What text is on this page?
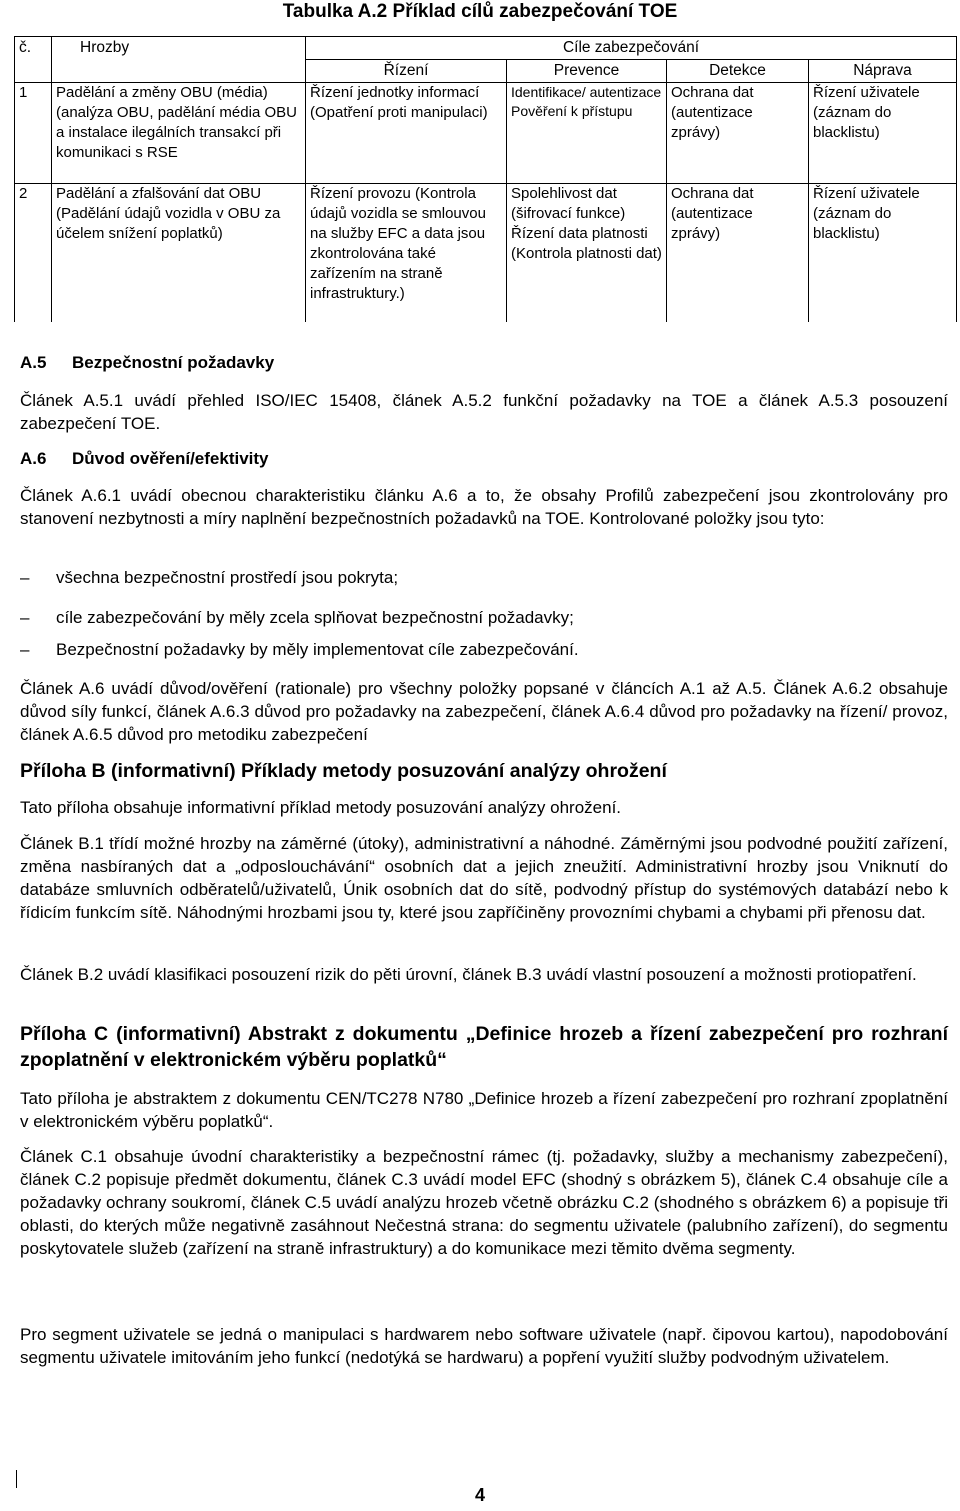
Tabulka A.2 Příklad cílů zabezpečování TOE
č.	Hrozby	Cíle zabezpečování			
		Řízení	Prevence	Detekce	Náprava
1	Padělání a změny OBU (média) (analýza OBU, padělání média OBU a instalace ilegálních transakcí při komunikaci s RSE	Řízení jednotky informací (Opatření proti manipulaci)	Identifikace/ autentizace Pověření k přístupu	Ochrana dat (autentizace zprávy)	Řízení uživatele (záznam do blacklistu)
2	Padělání a zfalšování dat OBU (Padělání údajů vozidla v OBU za účelem snížení poplatků)	Řízení provozu (Kontrola údajů vozidla se smlouvou na služby EFC a data jsou zkontrolována také zařízením na straně infrastruktury.)	Spolehlivost dat (šifrovací funkce) Řízení data platnosti (Kontrola platnosti dat)	Ochrana dat (autentizace zprávy)	Řízení uživatele (záznam do blacklistu)
A.5 Bezpečnostní požadavky

Článek A.5.1 uvádí přehled ISO/IEC 15408, článek A.5.2 funkční požadavky na TOE a článek A.5.3 posouzení zabezpečení TOE.

A.6 Důvod ověření/efektivity

Článek A.6.1 uvádí obecnou charakteristiku článku A.6 a to, že obsahy Profilů zabezpečení jsou zkontrolovány pro stanovení nezbytnosti a míry naplnění bezpečnostních požadavků na TOE. Kontrolované položky jsou tyto:

– všechna bezpečnostní prostředí jsou pokryta;
– cíle zabezpečování by měly zcela splňovat bezpečnostní požadavky;
– Bezpečnostní požadavky by měly implementovat cíle zabezpečování.

Článek A.6 uvádí důvod/ověření (rationale) pro všechny položky popsané v článcích A.1 až A.5. Článek A.6.2 obsahuje důvod síly funkcí, článek A.6.3 důvod pro požadavky na zabezpečení, článek A.6.4 důvod pro požadavky na řízení/ provoz, článek A.6.5 důvod pro metodiku zabezpečení

Příloha B (informativní) Příklady metody posuzování analýzy ohrožení

Tato příloha obsahuje informativní příklad metody posuzování analýzy ohrožení.

Článek B.1 třídí možné hrozby na záměrné (útoky), administrativní a náhodné. Záměrnými jsou podvodné použití zařízení, změna nasbíraných dat a „odposlouchávání“ osobních dat a jejich zneužití. Administrativní hrozby jsou Vniknutí do databáze smluvních odběratelů/uživatelů, Únik osobních dat do sítě, podvodný přístup do systémových databází nebo k řídicím funkcím sítě. Náhodnými hrozbami jsou ty, které jsou zapříčiněny provozními chybami a chybami při přenosu dat.

Článek B.2 uvádí klasifikaci posouzení rizik do pěti úrovní, článek B.3 uvádí vlastní posouzení a možnosti protiopatření.

Příloha C (informativní) Abstrakt z dokumentu „Definice hrozeb a řízení zabezpečení pro rozhraní zpoplatnění v elektronickém výběru poplatků“

Tato příloha je abstraktem z dokumentu CEN/TC278 N780 „Definice hrozeb a řízení zabezpečení pro rozhraní zpoplatnění v elektronickém výběru poplatků“.

Článek C.1 obsahuje úvodní charakteristiky a bezpečnostní rámec (tj. požadavky, služby a mechanismy zabezpečení), článek C.2 popisuje předmět dokumentu, článek C.3 uvádí model EFC (shodný s obrázkem 5), článek C.4 obsahuje cíle a požadavky ochrany soukromí, článek C.5 uvádí analýzu hrozeb včetně obrázku C.2 (shodného s obrázkem 6) a popisuje tři oblasti, do kterých může negativně zasáhnout Nečestná strana: do segmentu uživatele (palubního zařízení), do segmentu poskytovatele služeb (zařízení na straně infrastruktury) a do komunikace mezi těmito dvěma segmenty.

Pro segment uživatele se jedná o manipulaci s hardwarem nebo software uživatele (např. čipovou kartou), napodobování segmentu uživatele imitováním jeho funkcí (nedotýká se hardwaru) a popření využití služby podvodným uživatelem.

4
